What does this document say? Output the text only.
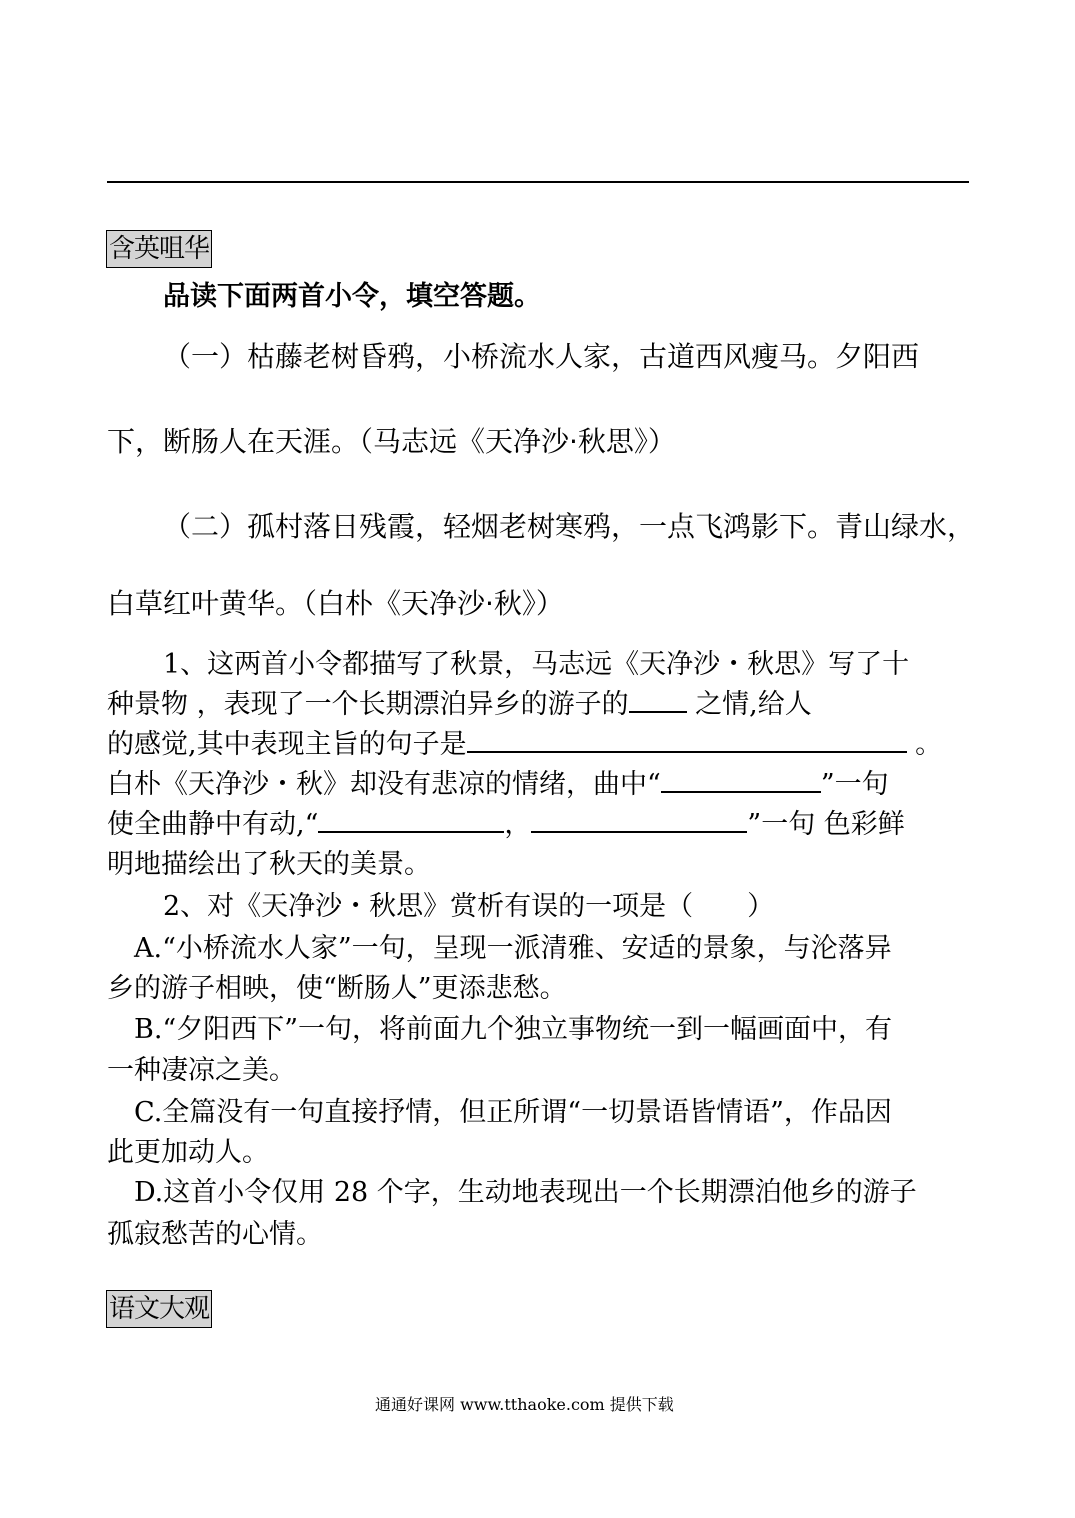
含英咀华
品读下面两首小令，填空答题。
（一）枯藤老树昏鸦，小桥流水人家，古道西风瘦马。夕阳西
下，断肠人在天涯。（马志远《天净沙·秋思》）
（二）孤村落日残霞，轻烟老树寒鸦，一点飞鸿影下。青山绿水，
白草红叶黄华。（白朴《天净沙·秋》）
1、这两首小令都描写了秋景，马志远《天净沙・秋思》写了十
种景物 ，表现了一个长期漂泊异乡的游子的 之情,给人
的感觉,其中表现主旨的句子是	。
白朴《天净沙・秋》却没有悲凉的情绪，曲中“	”一句
使全曲静中有动,“	，	”一句 色彩鲜
明地描绘出了秋天的美景。
2、对《天净沙・秋思》赏析有误的一项是（　　）
A.“小桥流水人家”一句，呈现一派清雅、安适的景象，与沦落异
乡的游子相映，使“断肠人”更添悲愁。
B.“夕阳西下”一句，将前面九个独立事物统一到一幅画面中，有
一种凄凉之美。
C.全篇没有一句直接抒情，但正所谓“一切景语皆情语”，作品因
此更加动人。
D.这首小令仅用 28 个字，生动地表现出一个长期漂泊他乡的游子
孤寂愁苦的心情。
语文大观
通通好课网 www.tthaoke.com 提供下载
